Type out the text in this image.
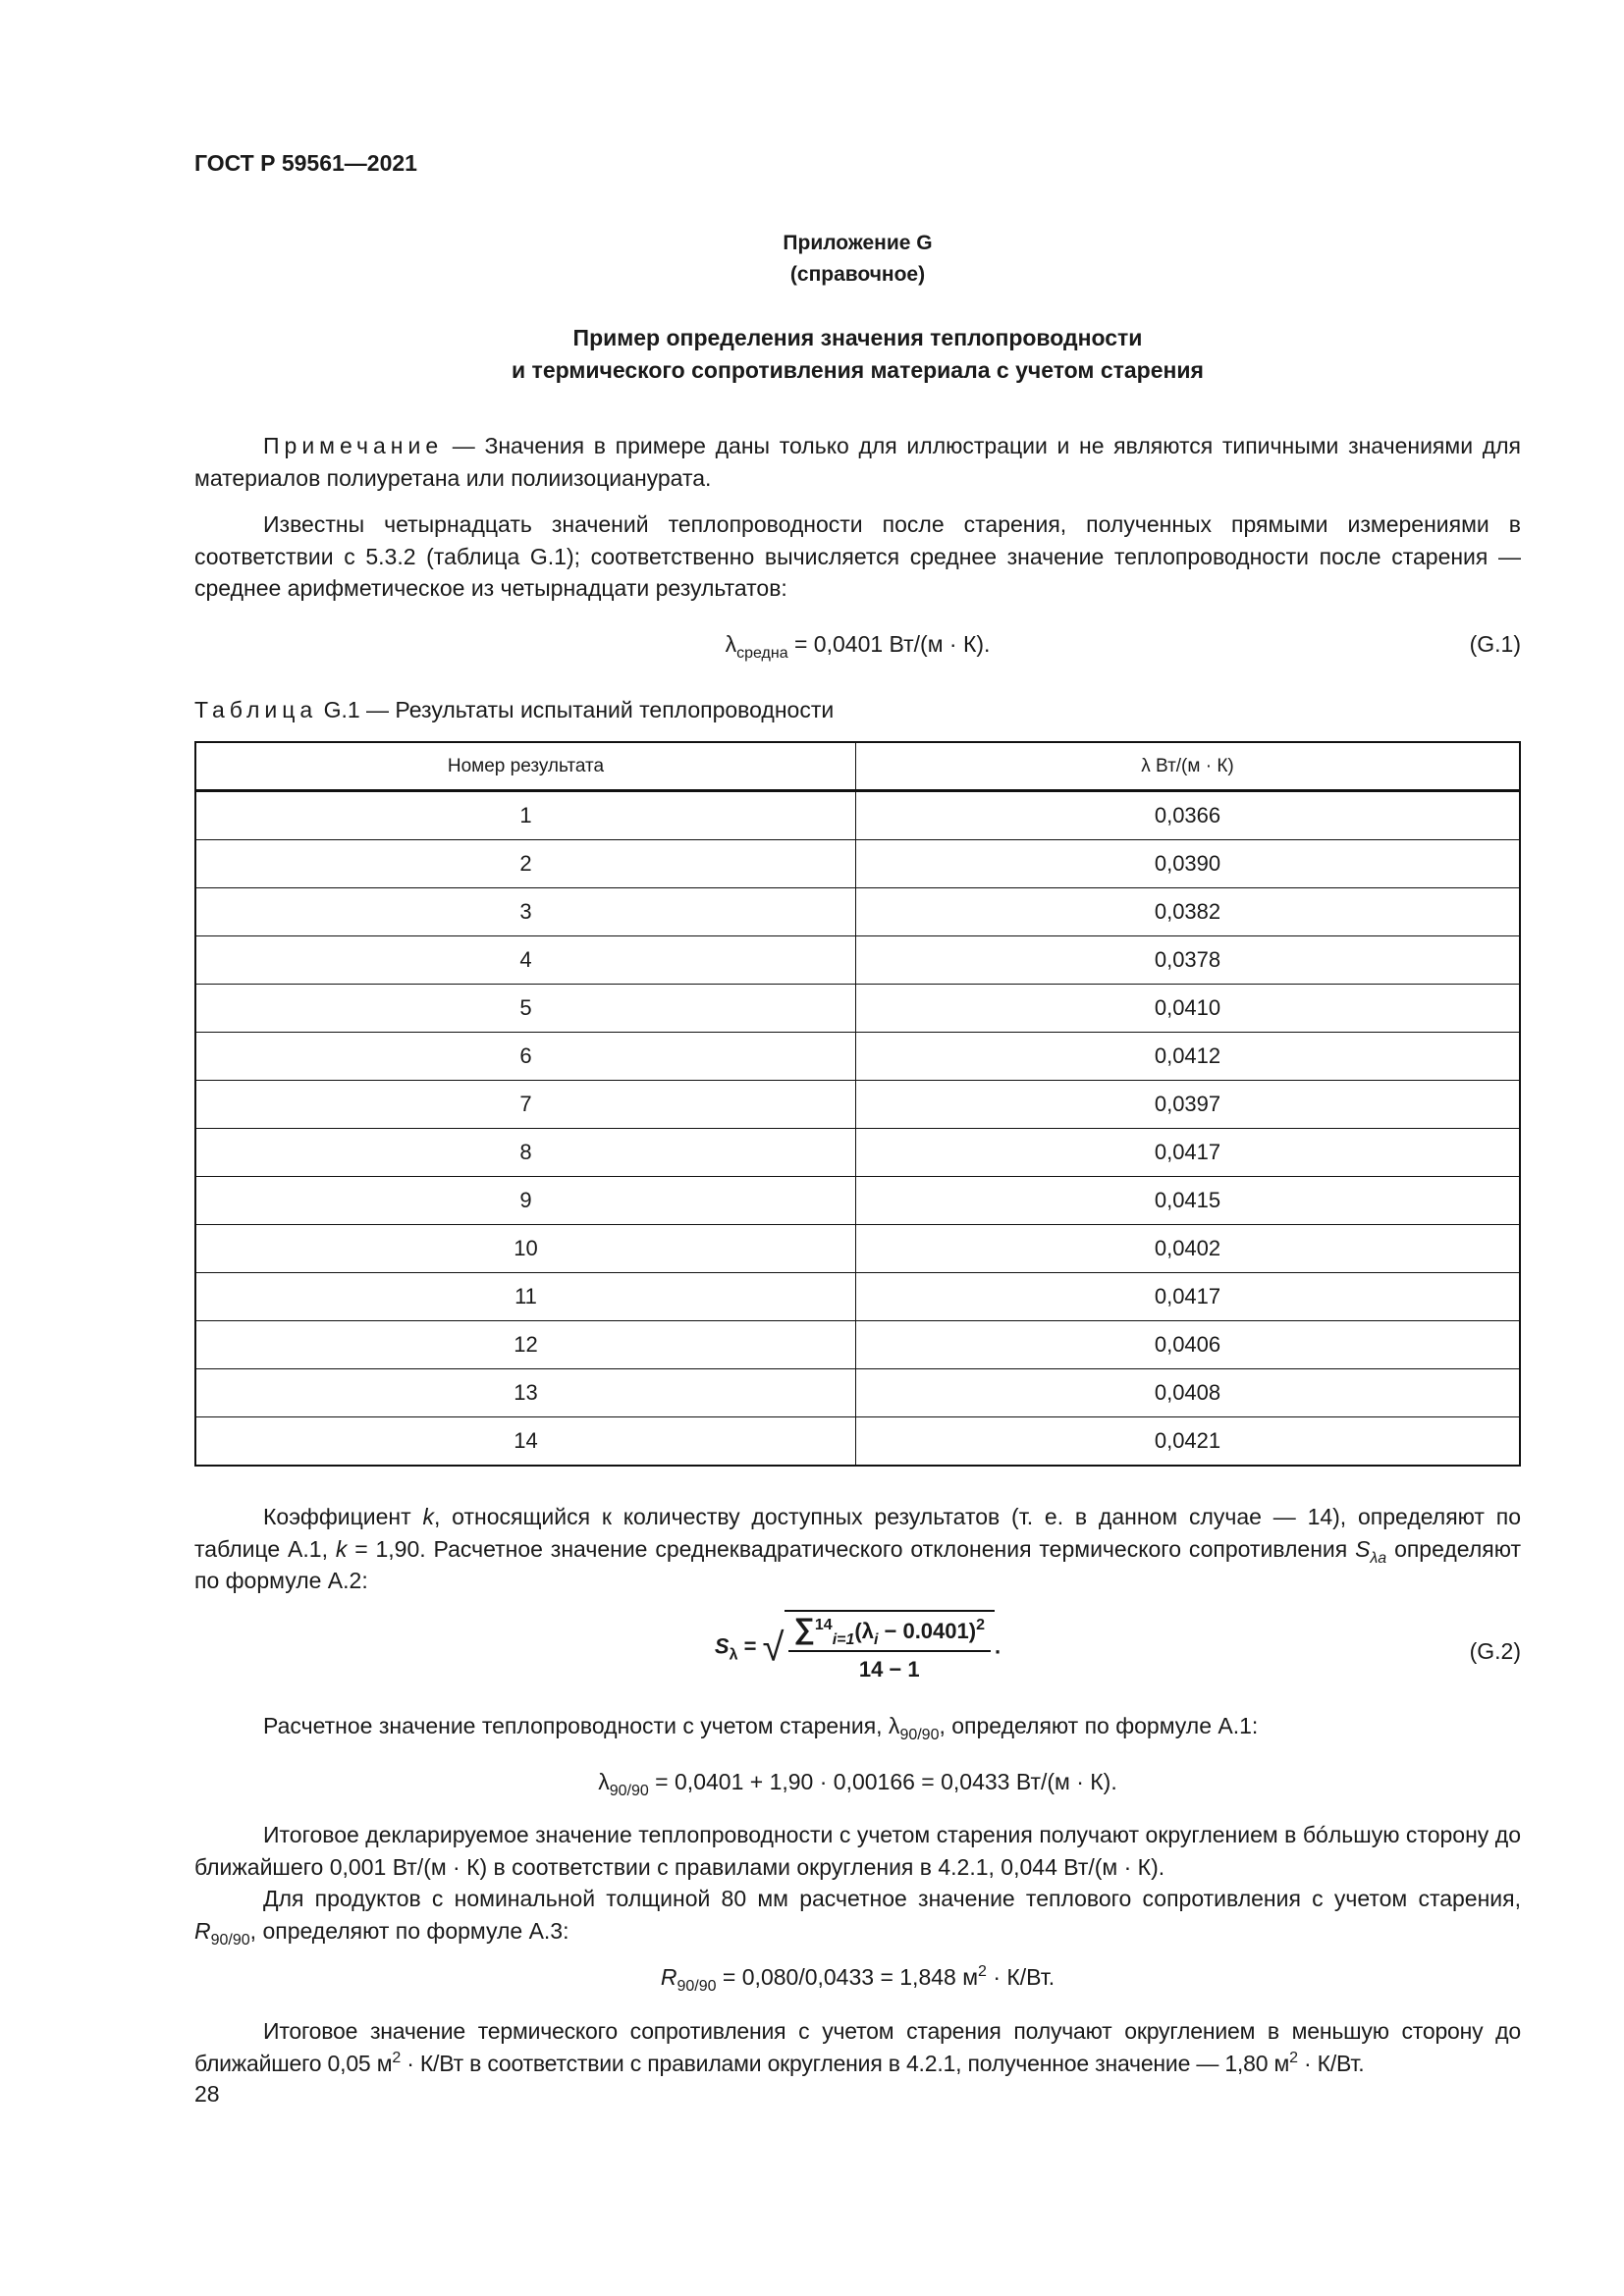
ГОСТ Р 59561—2021
Приложение G
(справочное)
Пример определения значения теплопроводности
и термического сопротивления материала с учетом старения
Примечание — Значения в примере даны только для иллюстрации и не являются типичными значениями для материалов полиуретана или полиизоцианурата.
Известны четырнадцать значений теплопроводности после старения, полученных прямыми измерениями в соответствии с 5.3.2 (таблица G.1); соответственно вычисляется среднее значение теплопроводности после старения — среднее арифметическое из четырнадцати результатов:
$\lambda_{средна} = 0,0401$ Вт/(м · К).	(G.1)
Таблица G.1 — Результаты испытаний теплопроводности
Номер результата	λ Вт/(м · К)
1	0,0366
2	0,0390
3	0,0382
4	0,0378
5	0,0410
6	0,0412
7	0,0397
8	0,0417
9	0,0415
10	0,0402
11	0,0417
12	0,0406
13	0,0408
14	0,0421
Коэффициент k, относящийся к количеству доступных результатов (т. е. в данном случае — 14), определяют по таблице А.1, k = 1,90. Расчетное значение среднеквадратического отклонения термического сопротивления $S_{\lambda a}$ определяют по формуле А.2:
$S_\lambda$ = √ $\frac{\sum^{14}_{i=1}(\lambda_i - 0.0401)^2}{14 - 1}$ .	(G.2)
Расчетное значение теплопроводности с учетом старения, $\lambda_{90/90}$, определяют по формуле А.1:
$\lambda_{90/90} = 0,0401 + 1,90 \cdot 0,00166 = 0,0433$ Вт/(м · К).
Итоговое декларируемое значение теплопроводности с учетом старения получают округлением в бóльшую сторону до ближайшего 0,001 Вт/(м · К) в соответствии с правилами округления в 4.2.1, 0,044 Вт/(м · К).
Для продуктов с номинальной толщиной 80 мм расчетное значение теплового сопротивления с учетом старения, $R_{90/90}$, определяют по формуле А.3:
$R_{90/90} = 0,080/0,0433 = 1,848$ $м^2 \cdot К/Вт$.
Итоговое значение термического сопротивления с учетом старения получают округлением в меньшую сторону до ближайшего 0,05 $м^2 \cdot К/Вт$ в соответствии с правилами округления в 4.2.1, полученное значение — 1,80 $м^2 \cdot К/Вт$.
28
